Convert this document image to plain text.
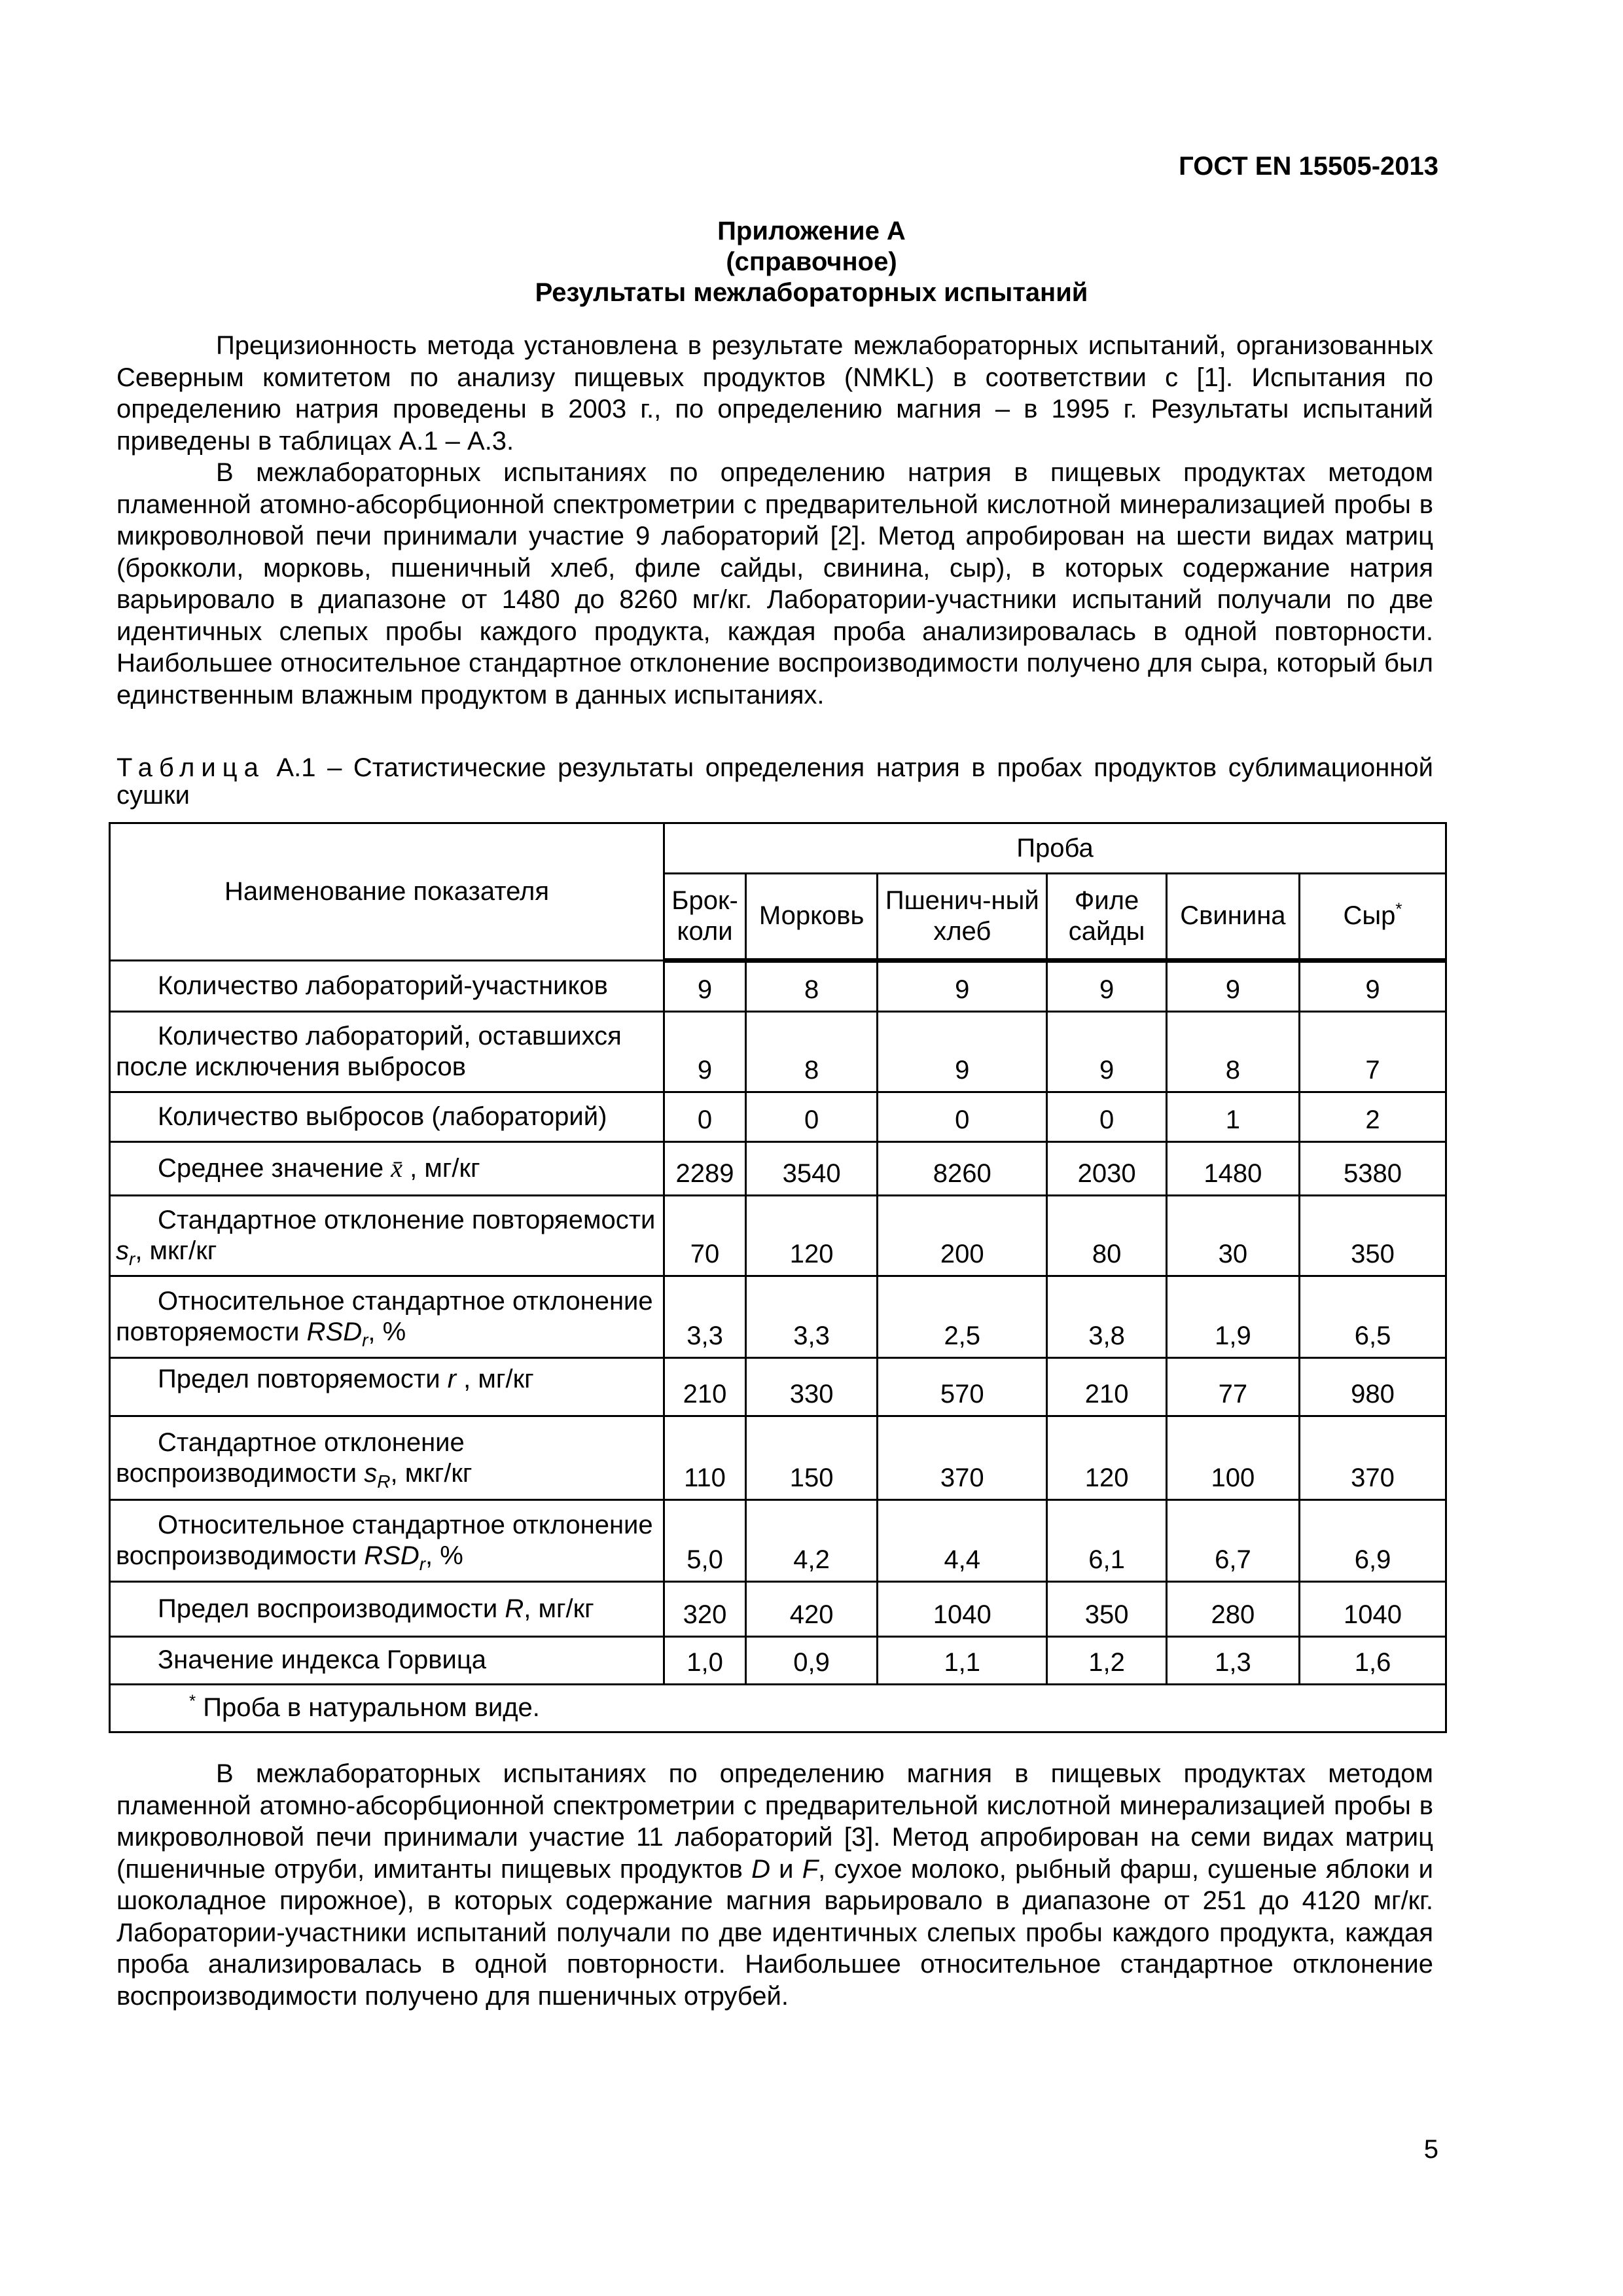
ГОСТ EN 15505-2013
Приложение А
(справочное)
Результаты межлабораторных испытаний

Прецизионность метода установлена в результате межлабораторных испытаний, организованных Северным комитетом по анализу пищевых продуктов (NMKL) в соответствии с [1]. Испытания по определению натрия проведены в 2003 г., по определению магния – в 1995 г. Результаты испытаний приведены в таблицах А.1 – А.3.

В межлабораторных испытаниях по определению натрия в пищевых продуктах методом пламенной атомно-абсорбционной спектрометрии с предварительной кислотной минерализацией пробы в микроволновой печи принимали участие 9 лабораторий [2]. Метод апробирован на шести видах матриц (брокколи, морковь, пшеничный хлеб, филе сайды, свинина, сыр), в которых содержание натрия варьировало в диапазоне от 1480 до 8260 мг/кг. Лаборатории-участники испытаний получали по две идентичных слепых пробы каждого продукта, каждая проба анализировалась в одной повторности. Наибольшее относительное стандартное отклонение воспроизводимости получено для сыра, который был единственным влажным продуктом в данных испытаниях.

Таблица А.1 – Статистические результаты определения натрия в пробах продуктов сублимационной сушки
Наименование показателя	Проба					
	Брок-коли	Морковь	Пшенич-ный хлеб	Филе сайды	Свинина	Сыр*
Количество лабораторий-участников	9	8	9	9	9	9
Количество лабораторий, оставшихся после исключения выбросов	9	8	9	9	8	7
Количество выбросов (лабораторий)	0	0	0	0	1	2
Среднее значение x̄ , мг/кг	2289	3540	8260	2030	1480	5380
Стандартное отклонение повторяемости $s_r$, мкг/кг	70	120	200	80	30	350
Относительное стандартное отклонение повторяемости $RSD_r$, %	3,3	3,3	2,5	3,8	1,9	6,5
Предел повторяемости r , мг/кг	210	330	570	210	77	980
Стандартное отклонение воспроизводимости $s_R$, мкг/кг	110	150	370	120	100	370
Относительное стандартное отклонение воспроизводимости $RSD_r$, %	5,0	4,2	4,4	6,1	6,7	6,9
Предел воспроизводимости R, мг/кг	320	420	1040	350	280	1040
Значение индекса Горвица	1,0	0,9	1,1	1,2	1,3	1,6
* Проба в натуральном виде.						

В межлабораторных испытаниях по определению магния в пищевых продуктах методом пламенной атомно-абсорбционной спектрометрии с предварительной кислотной минерализацией пробы в микроволновой печи принимали участие 11 лабораторий [3]. Метод апробирован на семи видах матриц (пшеничные отруби, имитанты пищевых продуктов D и F, сухое молоко, рыбный фарш, сушеные яблоки и шоколадное пирожное), в которых содержание магния варьировало в диапазоне от 251 до 4120 мг/кг. Лаборатории-участники испытаний получали по две идентичных слепых пробы каждого продукта, каждая проба анализировалась в одной повторности. Наибольшее относительное стандартное отклонение воспроизводимости получено для пшеничных отрубей.

5
